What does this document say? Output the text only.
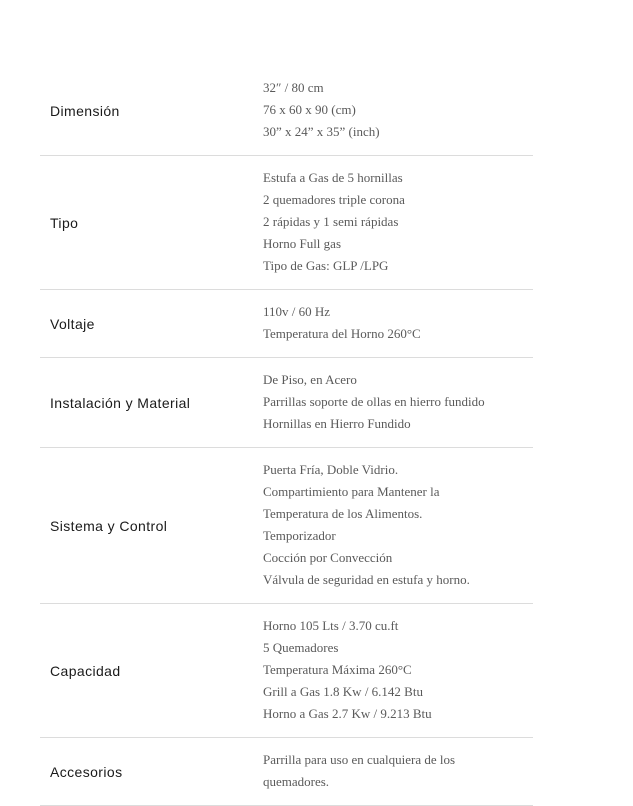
Dimensión
32″ / 80 cm
76 x 60 x 90 (cm)
30” x 24” x 35” (inch)
Tipo
Estufa a Gas de 5 hornillas
2 quemadores triple corona
2 rápidas y 1 semi rápidas
Horno Full gas
Tipo de Gas: GLP /LPG
Voltaje
110v / 60 Hz
Temperatura del Horno 260°C
Instalación y Material
De Piso, en Acero
Parrillas soporte de ollas en hierro fundido
Hornillas en Hierro Fundido
Sistema y Control
Puerta Fría, Doble Vidrio.
Compartimiento para Mantener la
Temperatura de los Alimentos.
Temporizador
Cocción por Convección
Válvula de seguridad en estufa y horno.
Capacidad
Horno 105 Lts / 3.70 cu.ft
5 Quemadores
Temperatura Máxima 260°C
Grill a Gas 1.8 Kw / 6.142 Btu
Horno a Gas 2.7 Kw / 9.213 Btu
Accesorios
Parrilla para uso en cualquiera de los
quemadores.
